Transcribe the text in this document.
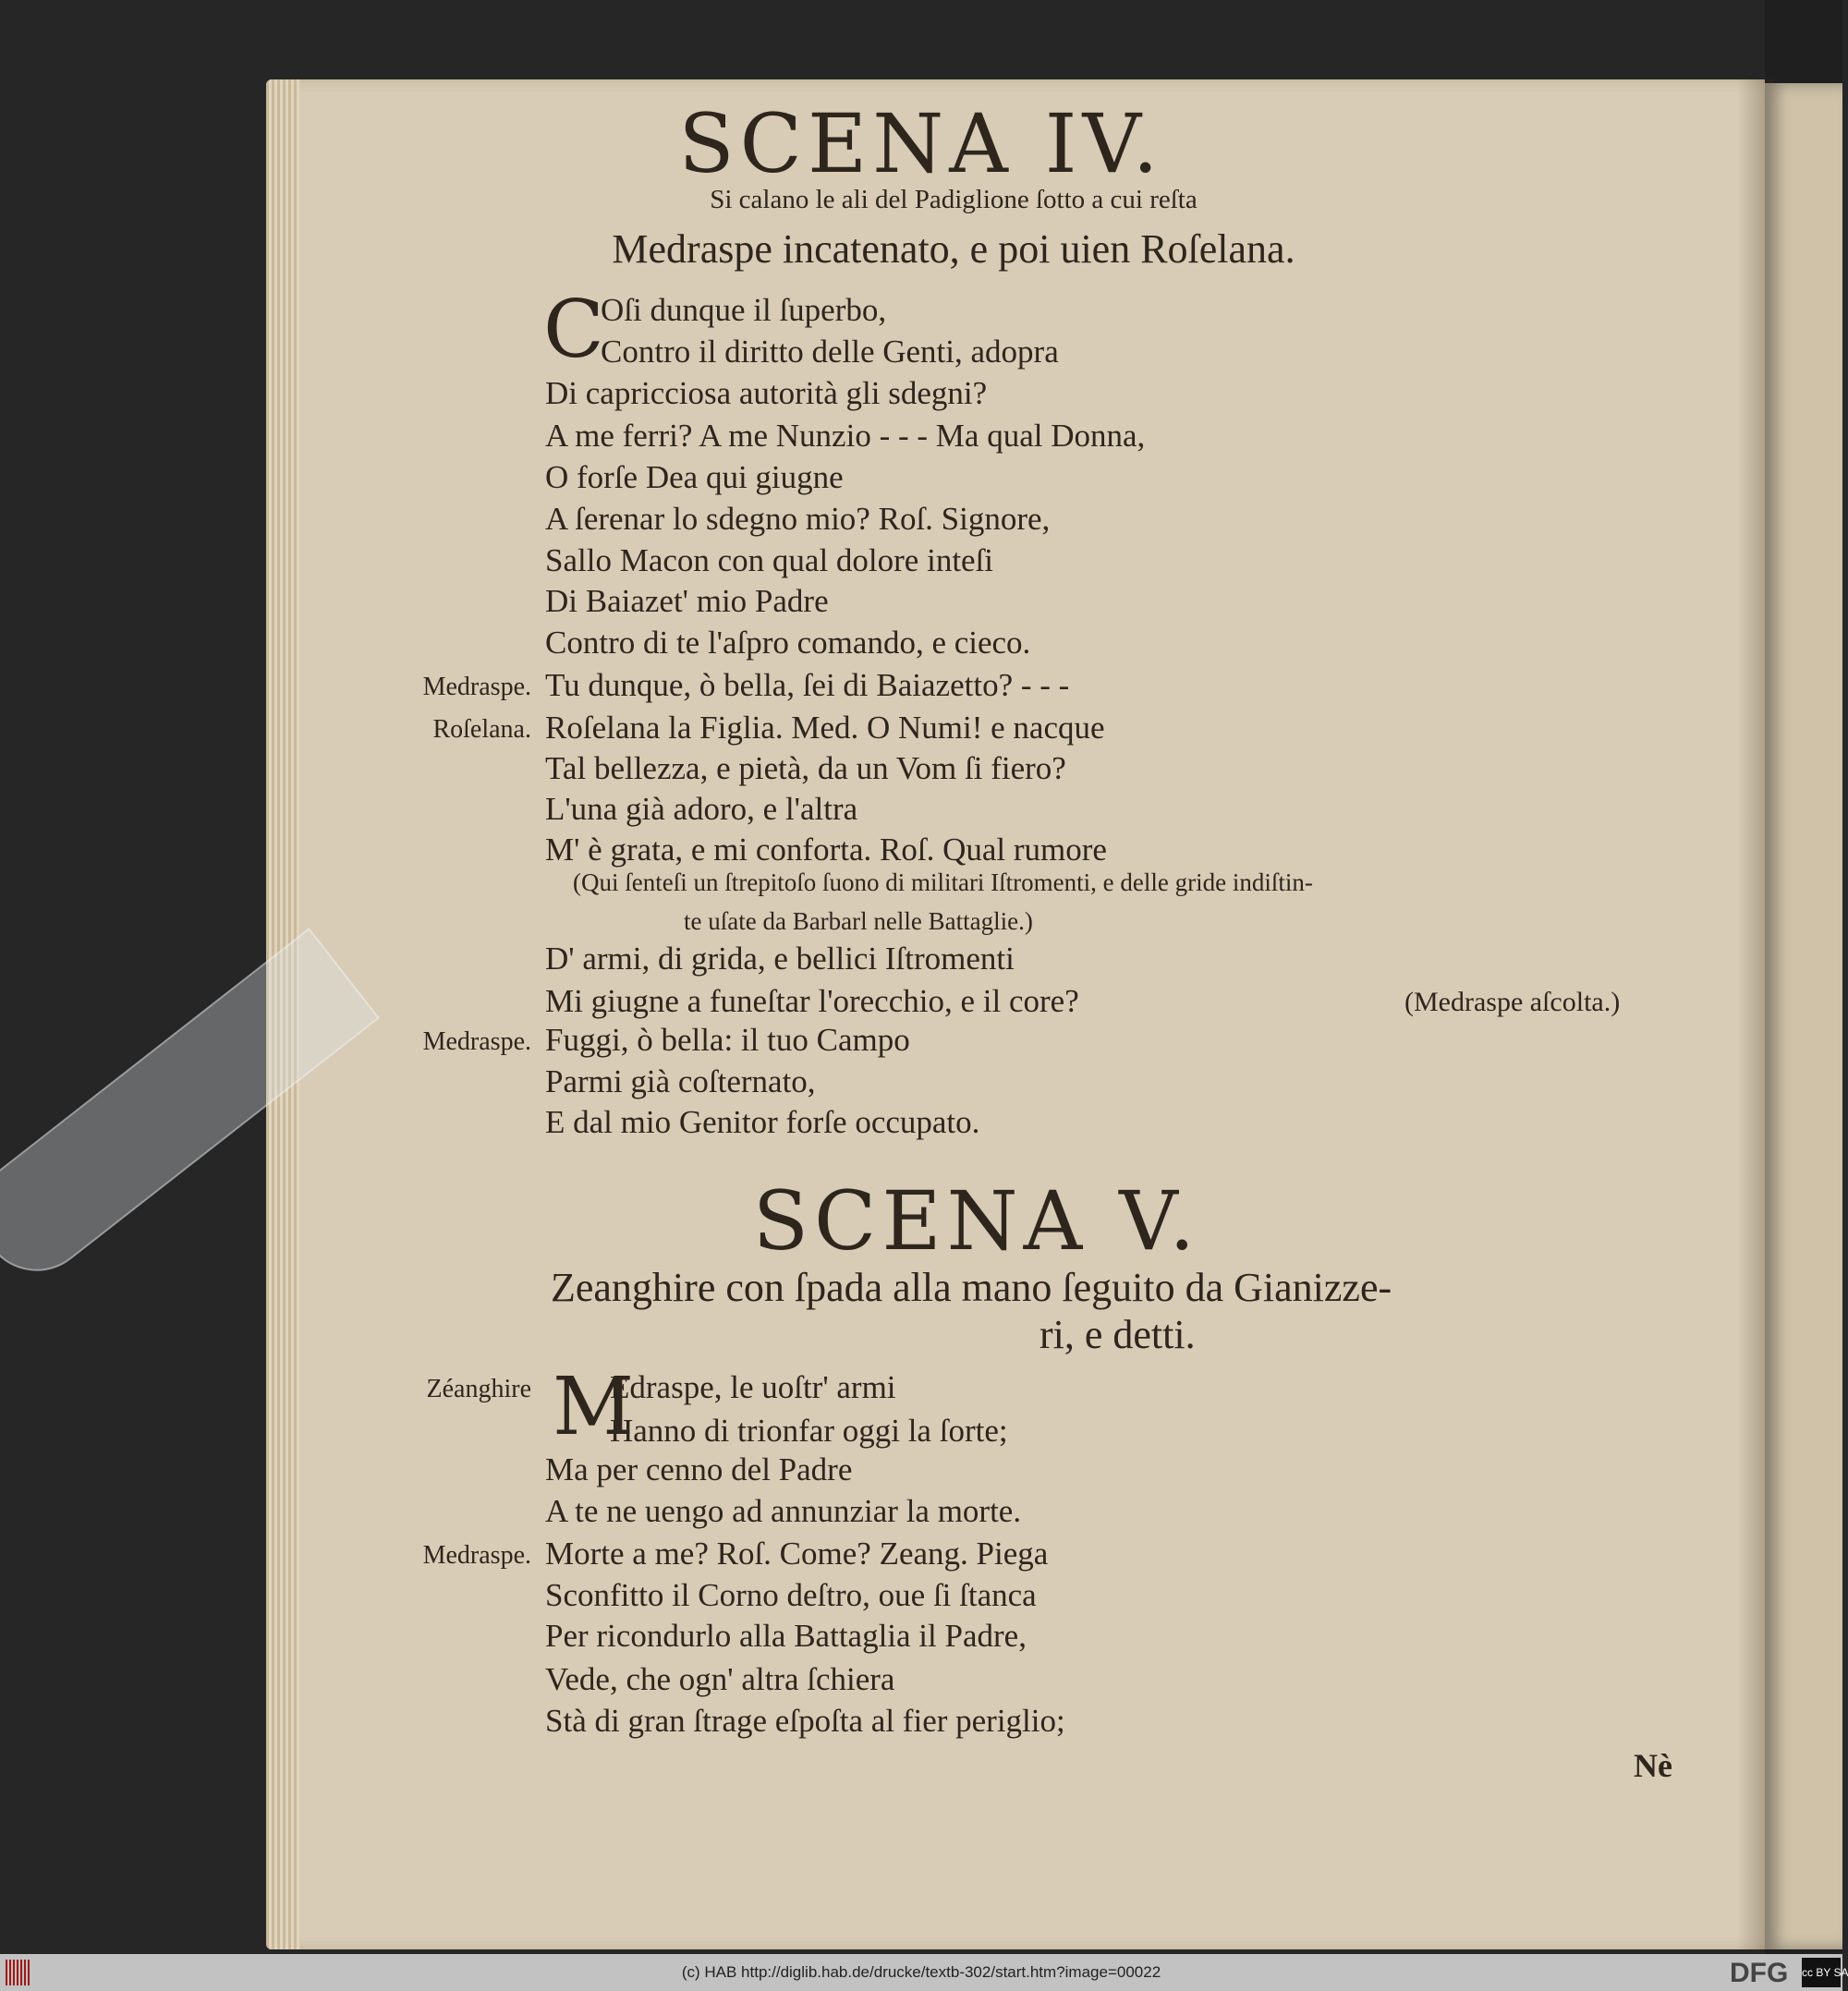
SCENA IV.
Si calano le ali del Padiglione ſotto a cui reſta
Medraspe incatenato, e poi uien Roſelana.
SCENA V.
Zeanghire con ſpada alla mano ſeguito da Gianizze-
ri, e detti.
(Qui ſenteſi un ſtrepitoſo ſuono di militari Iſtromenti, e delle gride indiſtin-
te uſate da Barbarl nelle Battaglie.)
Nè
C
Oſi dunque il ſuperbo,
Contro il diritto delle Genti, adopra
Di capricciosa autorità gli sdegni?
A me ferri? A me Nunzio - - - Ma qual Donna,
O forſe Dea qui giugne
A ſerenar lo sdegno mio? Roſ. Signore,
Sallo Macon con qual dolore inteſi
Di Baiazet' mio Padre
Contro di te l'aſpro comando, e cieco.
Medraspe. Tu dunque, ò bella, ſei di Baiazetto? - - -
Roſelana. Roſelana la Figlia. Med. O Numi! e nacque
Tal bellezza, e pietà, da un Vom ſi fiero?
L'una già adoro, e l'altra
M' è grata, e mi conforta. Roſ. Qual rumore
D' armi, di grida, e bellici Iſtromenti
Mi giugne a funeſtar l'orecchio, e il core?	(Medraspe aſcolta.)
Medraspe. Fuggi, ò bella: il tuo Campo
Parmi già coſternato,
E dal mio Genitor forſe occupato.
Zéanghire M
Edraspe, le uoſtr' armi
Hanno di trionfar oggi la ſorte;
Ma per cenno del Padre
A te ne uengo ad annunziar la morte.
Medraspe. Morte a me? Roſ. Come? Zeang. Piega
Sconfitto il Corno deſtro, oue ſi ſtanca
Per ricondurlo alla Battaglia il Padre,
Vede, che ogn' altra ſchiera
Stà di gran ſtrage eſpoſta al fier periglio;
(c) HAB http://diglib.hab.de/drucke/textb-302/start.htm?image=00022	DFG cc BY SA
